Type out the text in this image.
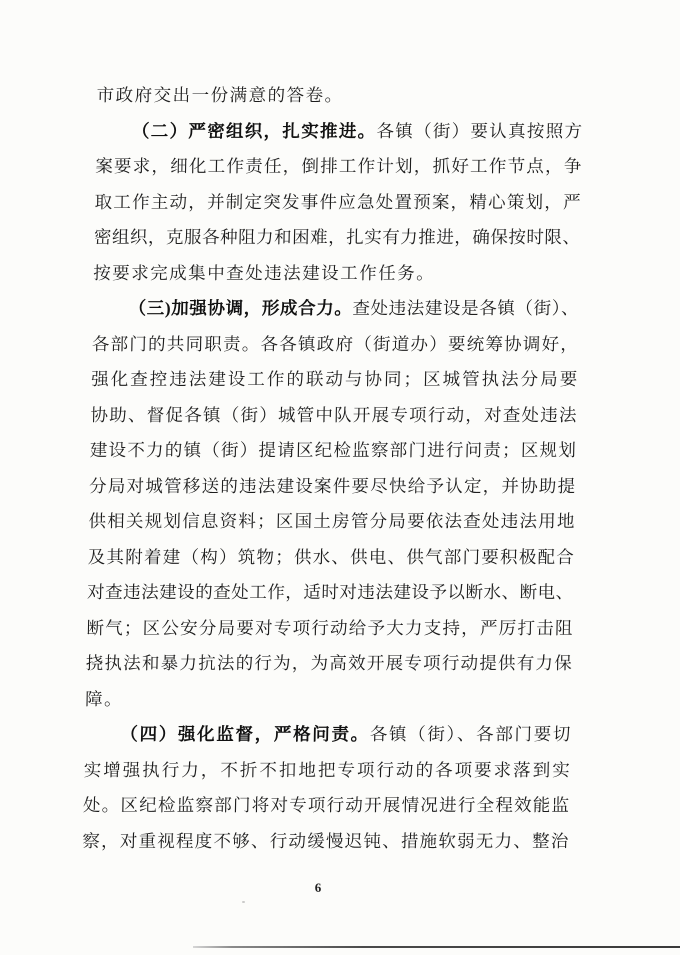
市政府交出一份满意的答卷。
（二）严密组织，扎实推进。各镇（街）要认真按照方
案要求，细化工作责任，倒排工作计划，抓好工作节点，争
取工作主动，并制定突发事件应急处置预案，精心策划，严
密组织，克服各种阻力和困难，扎实有力推进，确保按时限、
按要求完成集中查处违法建设工作任务。
（三)加强协调，形成合力。查处违法建设是各镇（街）、
各部门的共同职责。各各镇政府（街道办）要统筹协调好，
强化查控违法建设工作的联动与协同；区城管执法分局要
协助、督促各镇（街）城管中队开展专项行动，对查处违法
建设不力的镇（街）提请区纪检监察部门进行问责；区规划
分局对城管移送的违法建设案件要尽快给予认定，并协助提
供相关规划信息资料；区国土房管分局要依法查处违法用地
及其附着建（构）筑物；供水、供电、供气部门要积极配合
对查违法建设的查处工作，适时对违法建设予以断水、断电、
断气；区公安分局要对专项行动给予大力支持，严厉打击阻
挠执法和暴力抗法的行为，为高效开展专项行动提供有力保
障。
（四）强化监督，严格问责。各镇（街）、各部门要切
实增强执行力，不折不扣地把专项行动的各项要求落到实
处。区纪检监察部门将对专项行动开展情况进行全程效能监
察，对重视程度不够、行动缓慢迟钝、措施软弱无力、整治
6
